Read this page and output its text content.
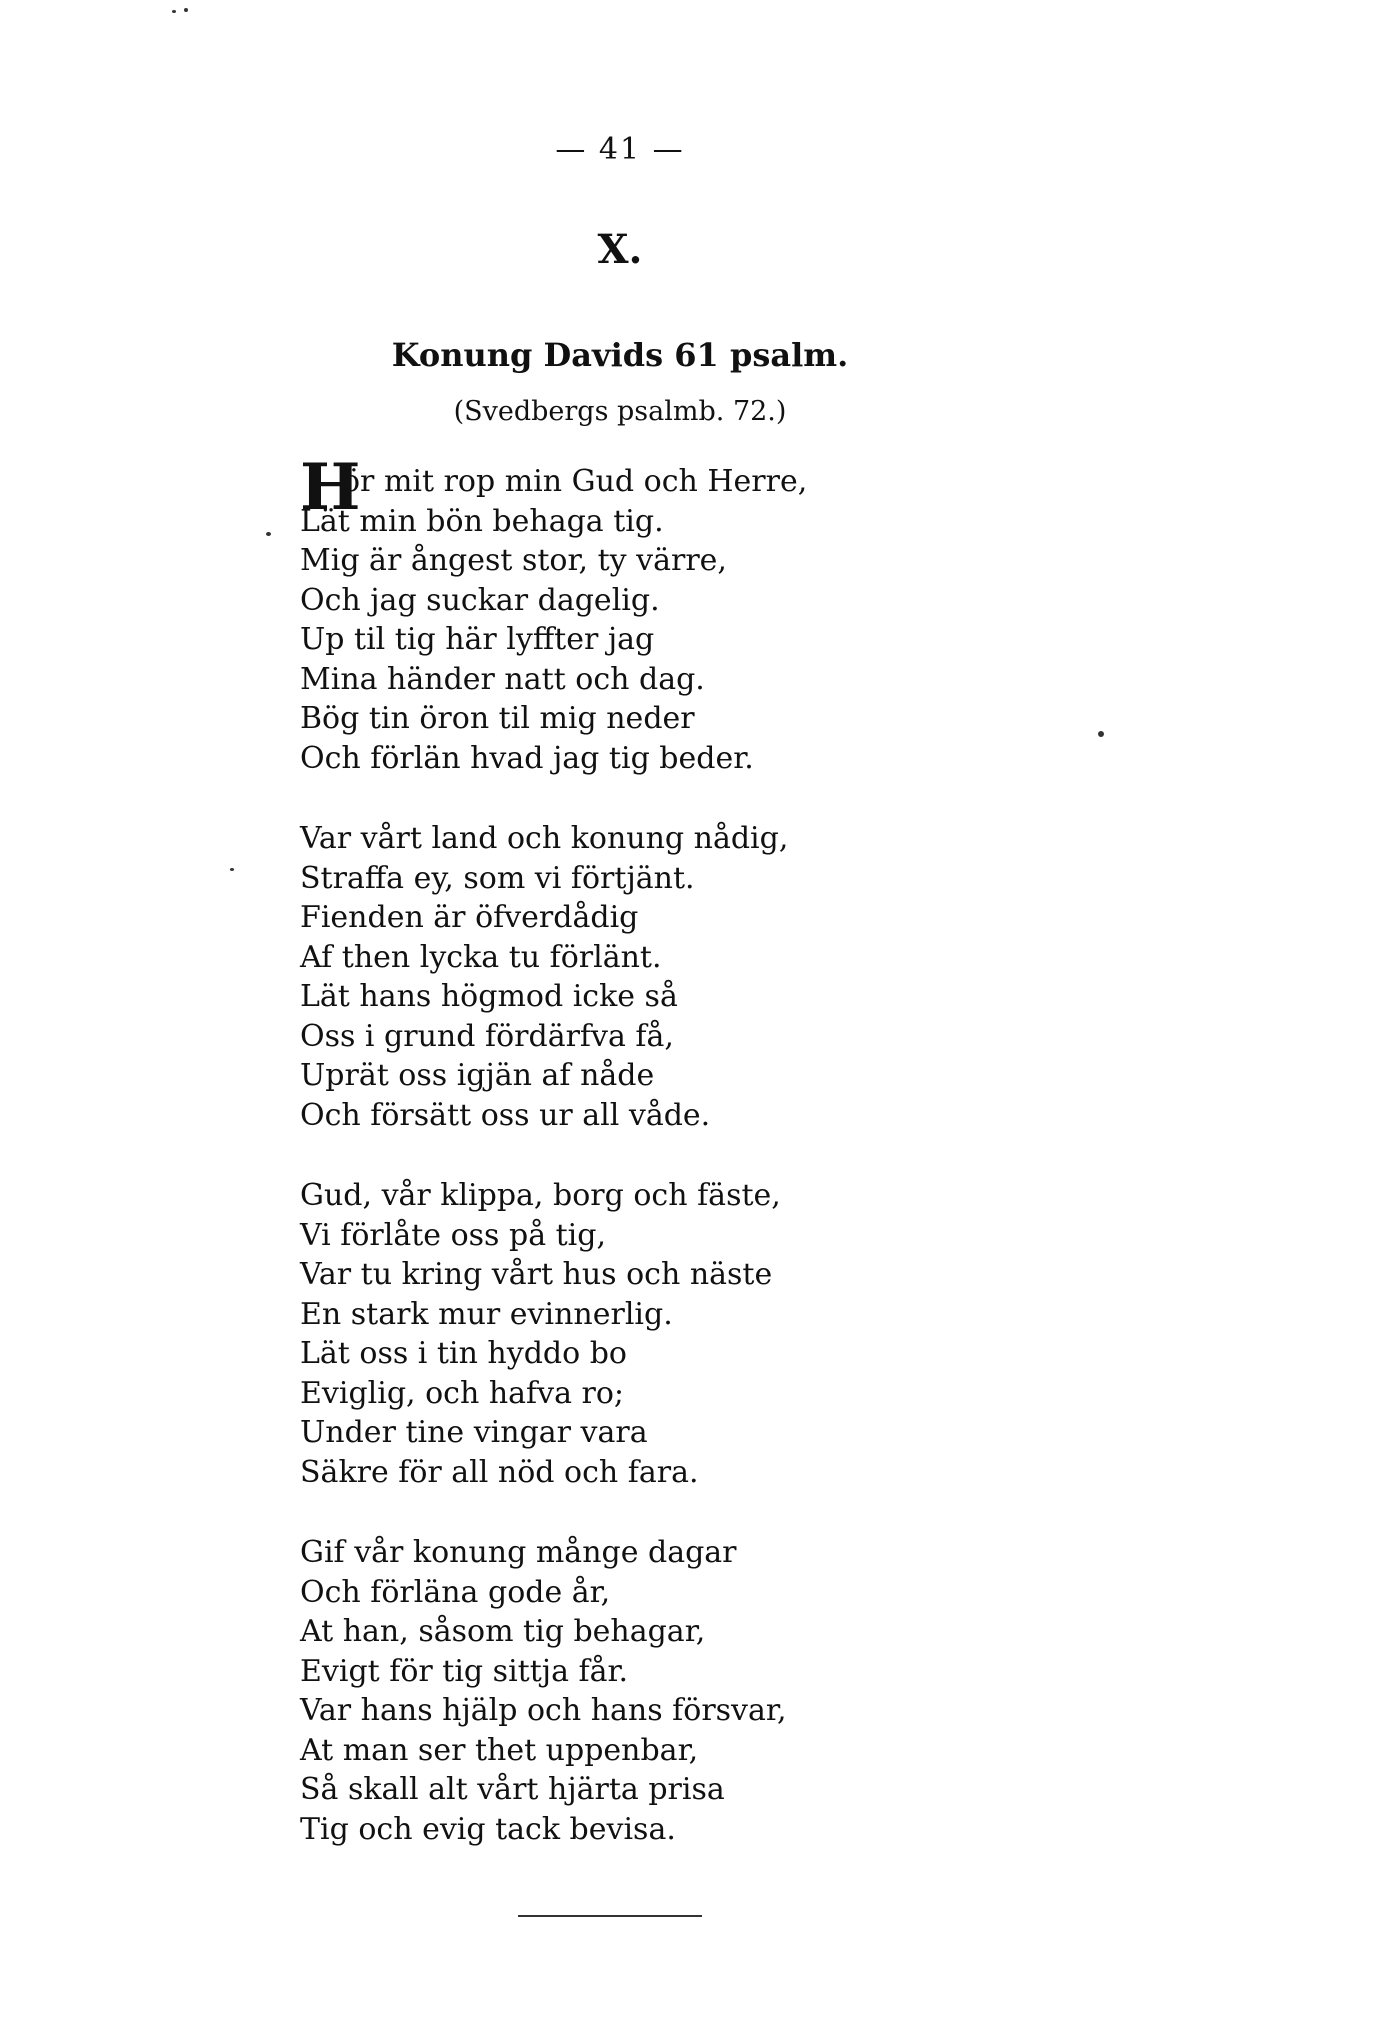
— 41 —
X.
Konung Davids 61 psalm.
(Svedbergs psalmb. 72.)
H
ör mit rop min Gud och Herre,
Lät min bön behaga tig.
Mig är ångest stor, ty värre,
Och jag suckar dagelig.
Up til tig här lyffter jag
Mina händer natt och dag.
Bög tin öron til mig neder
Och förlän hvad jag tig beder.
Var vårt land och konung nådig,
Straffa ey, som vi förtjänt.
Fienden är öfverdådig
Af then lycka tu förlänt.
Lät hans högmod icke så
Oss i grund fördärfva få,
Uprät oss igjän af nåde
Och försätt oss ur all våde.
Gud, vår klippa, borg och fäste,
Vi förlåte oss på tig,
Var tu kring vårt hus och näste
En stark mur evinnerlig.
Lät oss i tin hyddo bo
Eviglig, och hafva ro;
Under tine vingar vara
Säkre för all nöd och fara.
Gif vår konung månge dagar
Och förläna gode år,
At han, såsom tig behagar,
Evigt för tig sittja får.
Var hans hjälp och hans försvar,
At man ser thet uppenbar,
Så skall alt vårt hjärta prisa
Tig och evig tack bevisa.
